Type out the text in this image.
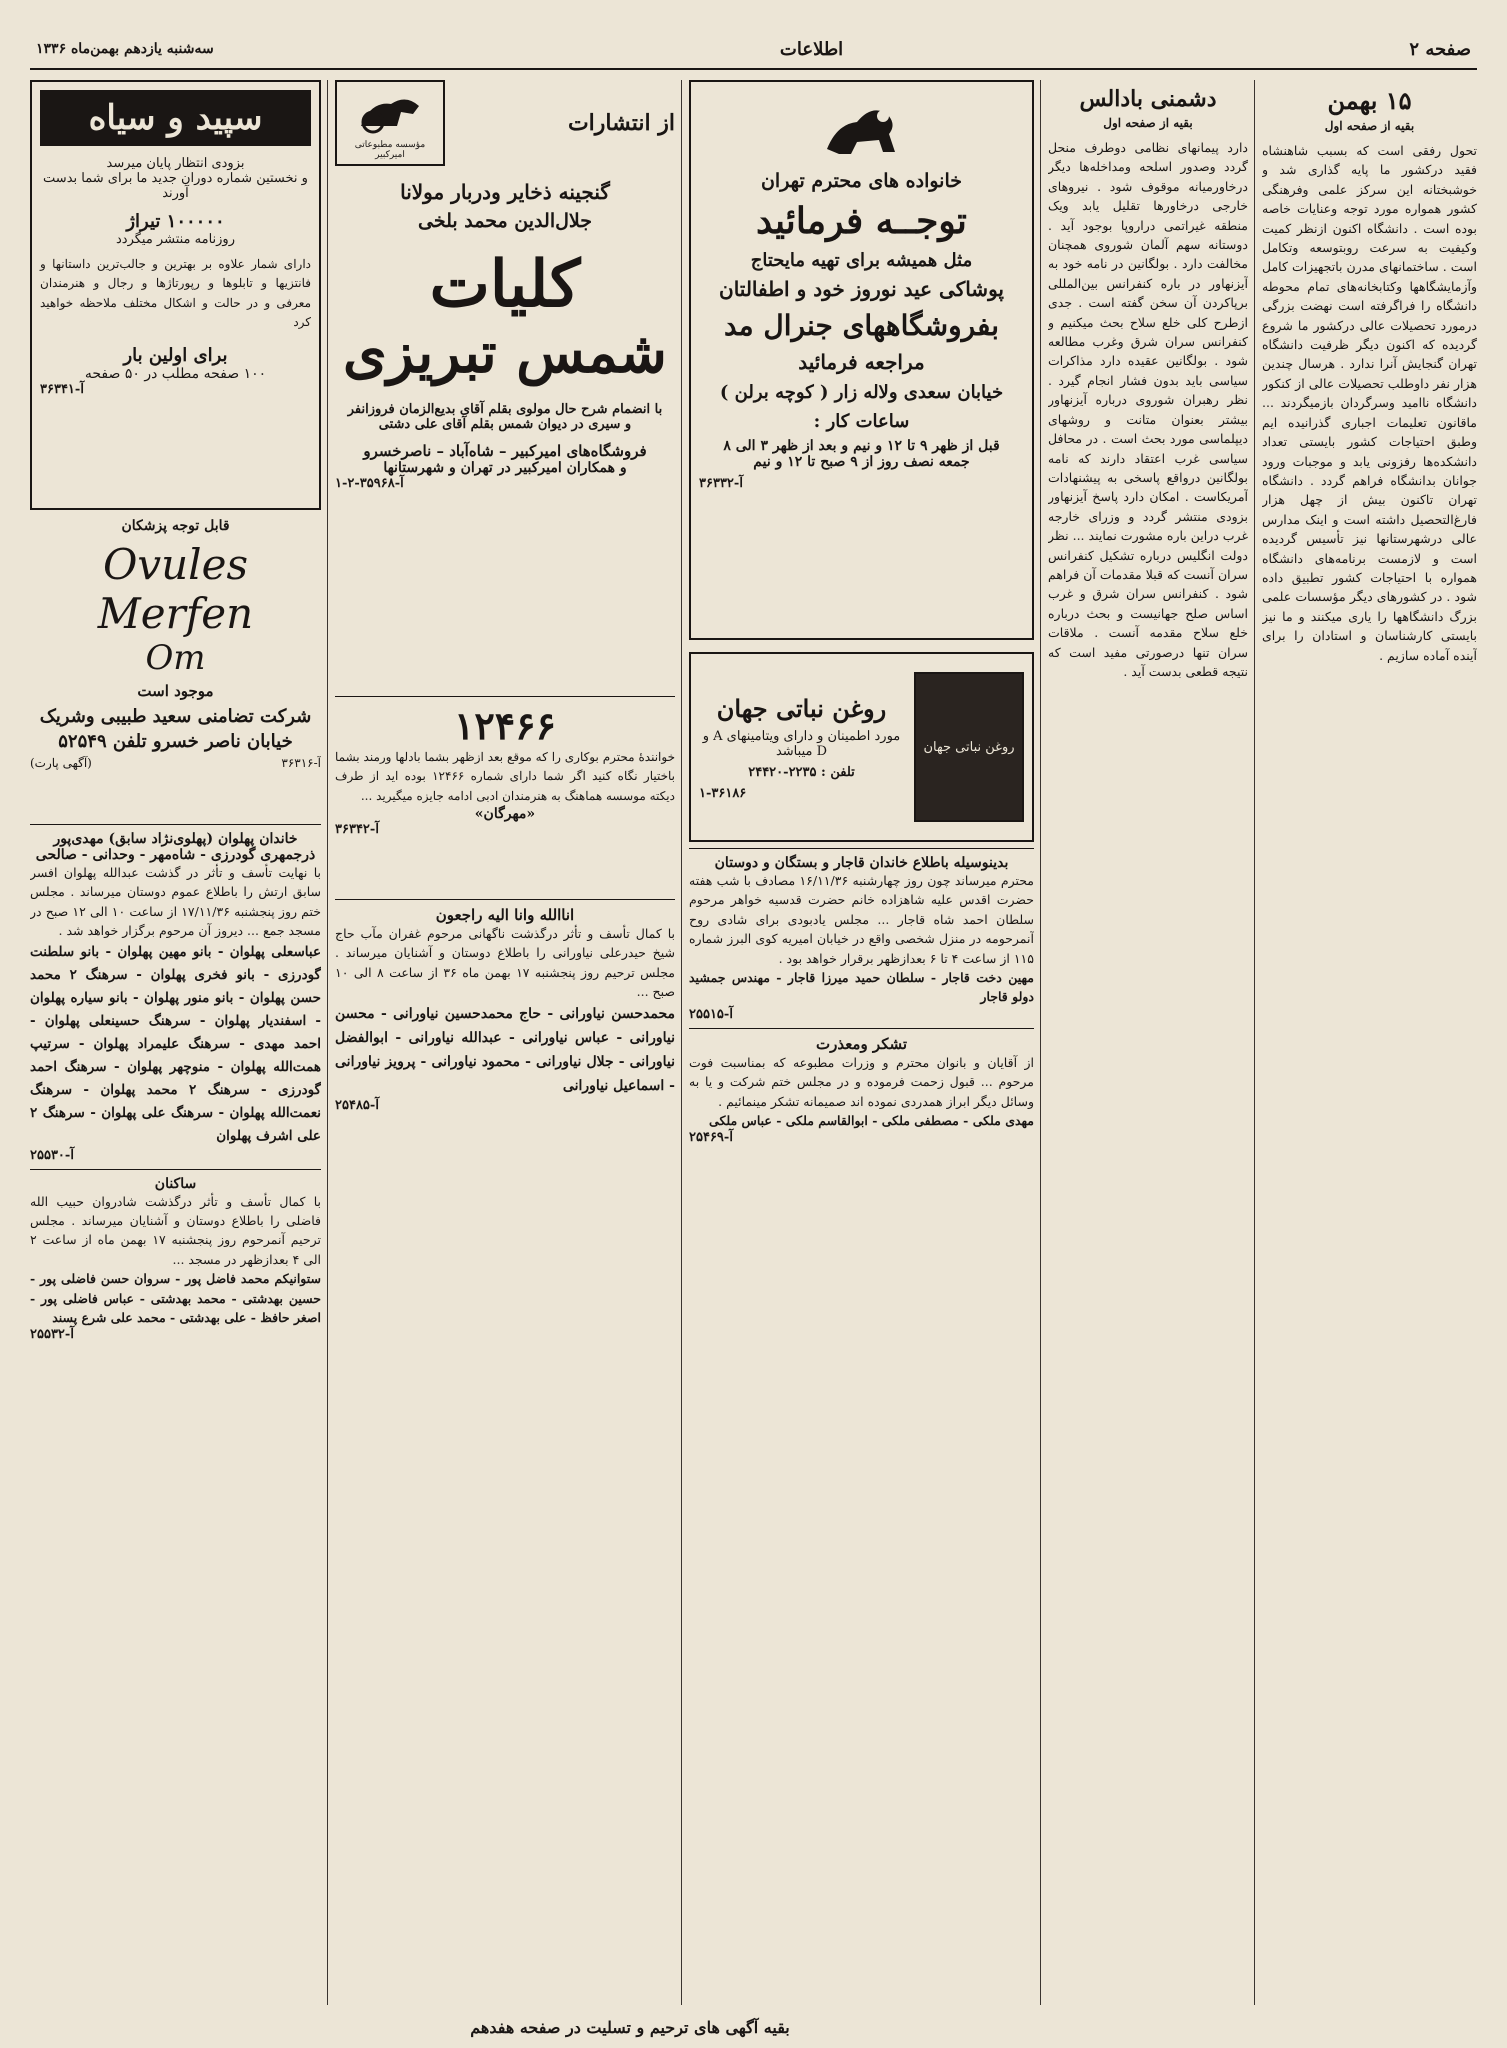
صفحه ۲
اطلاعات
سه‌شنبه یازدهم بهمن‌ماه ۱۳۳۶
۱۵ بهمن
بقیه از صفحه اول

تحول رفقی است که بسبب شاهنشاه فقید درکشور ما پایه گذاری شد و خوشبختانه این سرکز علمی وفرهنگی کشور همواره مورد توجه وعنایات خاصه بوده است . دانشگاه اکنون ازنظر کمیت وکیفیت به سرعت روبتوسعه وتکامل است . ساختمانهای مدرن باتجهیزات کامل وآزمایشگاهها وکتابخانه‌های تمام محوطه دانشگاه را فراگرفته است نهضت بزرگی درمورد تحصیلات عالی درکشور ما شروع گردیده که اکنون دیگر ظرفیت دانشگاه تهران گنجایش آنرا ندارد . هرسال چندین هزار نفر داوطلب تحصیلات عالی از کنکور دانشگاه ناامید وسرگردان بازمیگردند ... ماقانون تعلیمات اجباری گذرانیده ایم وطبق احتیاجات کشور بایستی تعداد دانشکده‌ها رفزونی یابد و موجبات ورود جوانان بدانشگاه فراهم گردد . دانشگاه تهران تاکنون بیش از چهل هزار فارغ‌التحصیل داشته است و اینک مدارس عالی درشهرستانها نیز تأسیس گردیده است و لازمست برنامه‌های دانشگاه همواره با احتیاجات کشور تطبیق داده شود . در کشورهای دیگر مؤسسات علمی بزرگ دانشگاهها را یاری میکنند و ما نیز بایستی کارشناسان و استادان را برای آینده آماده سازیم .

دشمنی بادالس
بقیه از صفحه اول

دارد پیمانهای نظامی دوطرف منحل گردد وصدور اسلحه ومداخله‌ها دیگر درخاورمیانه موقوف شود . نیروهای خارجی درخاورها تقلیل یابد ویک منطقه غیراتمی دراروپا بوجود آید . دوستانه سهم آلمان شوروی همچنان مخالفت دارد . بولگانین در نامه خود به آیزنهاور در باره کنفرانس بین‌المللی برپاکردن آن سخن گفته است . جدی ازطرح کلی خلع سلاح بحث میکنیم و کنفرانس سران شرق وغرب مطالعه شود . بولگانین عقیده دارد مذاکرات سیاسی باید بدون فشار انجام گیرد . نظر رهبران شوروی درباره آیزنهاور بیشتر بعنوان متانت و روشهای دیپلماسی مورد بحث است . در محافل سیاسی غرب اعتقاد دارند که نامه بولگانین درواقع پاسخی به پیشنهادات آمریکاست . امکان دارد پاسخ آیزنهاور بزودی منتشر گردد و وزرای خارجه غرب دراین باره مشورت نمایند ... نظر دولت انگلیس درباره تشکیل کنفرانس سران آنست که قبلا مقدمات آن فراهم شود . کنفرانس سران شرق و غرب اساس صلح جهانیست و بحث درباره خلع سلاح مقدمه آنست . ملاقات سران تنها درصورتی مفید است که نتیجه قطعی بدست آید .

خانواده های محترم تهران
توجــه فرمائید
مثل همیشه برای تهیه مایحتاج
پوشاکی عید نوروز خود و اطفالتان
بفروشگاههای جنرال مد
مراجعه فرمائید
خیابان سعدی ولاله زار ( کوچه برلن )
ساعات کار :
قبل از ظهر ۹ تا ۱۲ و نیم و بعد از ظهر ۳ الی ۸
جمعه نصف روز از ۹ صبح تا ۱۲ و نیم
آ-۳۶۳۳۲
روغن نباتی جهان
روغن نباتی جهان
مورد اطمینان و دارای ویتامینهای A و D میباشد
تلفن : ۲۲۳۵-۲۴۴۲۰
۱-۳۶۱۸۶
بدینوسیله باطلاع خاندان قاجار و بستگان و دوستان

محترم میرساند چون روز چهارشنبه ۱۶/۱۱/۳۶ مصادف با شب هفته حضرت اقدس علیه شاهزاده خانم حضرت قدسیه خواهر مرحوم سلطان احمد شاه قاجار ... مجلس یادبودی برای شادی روح آنمرحومه در منزل شخصی واقع در خیابان امیریه کوی البرز شماره ۱۱۵ از ساعت ۴ تا ۶ بعدازظهر برقرار خواهد بود .

مهین دخت قاجار - سلطان حمید میرزا قاجار - مهندس جمشید دولو قاجار

آ-۲۵۵۱۵
تشکر ومعذرت

از آقایان و بانوان محترم و وزرات مطبوعه که بمناسبت فوت مرحوم ... قبول زحمت فرموده و در مجلس ختم شرکت و یا به وسائل دیگر ابراز همدردی نموده اند صمیمانه تشکر مینمائیم .

مهدی ملکی - مصطفی ملکی - ابوالقاسم ملکی - عباس ملکی

آ-۲۵۴۶۹
از انتشارات
مؤسسه مطبوعاتی امیرکبیر
گنجینه ذخاير ودربار مولانا
جلال‌الدین محمد بلخی
کلیات
شمس تبریزی
با انضمام شرح حال مولوی بقلم آقای بدیع‌الزمان فروزانفر
و سیری در دیوان شمس بقلم آقای علی دشتی
فروشگاه‌های امیرکبیر – شاه‌آباد – ناصرخسرو
و همکاران امیرکبیر در تهران و شهرستانها
آ-۳۵۹۶۸-۲-۱
۱۲۴۶۶

خوانندهٔ محترم بوکاری‌ را که موقع بعد ازظهر بشما بادلها ورمند بشما باختیار نگاه کنید اگر شما دارای شماره ۱۲۴۶۶ بوده اید از طرف دیکته موسسه هماهنگ به هنرمندان ادبی ادامه جایزه میگیرید ...

«مهرگان»
آ-۳۶۳۴۲
اناالله وانا الیه راجعون

با کمال تأسف و تأثر درگذشت ناگهانی مرحوم غفران مآب حاج شیخ حیدرعلی نیاورانی را باطلاع دوستان و آشنایان میرساند . مجلس ترحیم روز پنجشنبه ۱۷ بهمن ماه ۳۶ از ساعت ۸ الی ۱۰ صبح ...

محمدحسن نیاورانی - حاج محمدحسین نیاورانی - محسن نیاورانی - عباس نیاورانی - عبدالله نیاورانی - ابوالفضل نیاورانی - جلال نیاورانی - محمود نیاورانی - پرویز نیاورانی - اسماعیل نیاورانی

آ-۲۵۴۸۵
سپید و سیاه
بزودی انتظار پایان میرسد
و نخستین شماره دوران جدید ما برای شما بدست آورند
۱۰۰۰۰۰ تیراژ
روزنامه منتشر میگردد

دارای شمار علاوه بر بهترین و جالب‌ترین داستانها و فانتزیها و تابلوها و رپورتاژها و رجال و هنرمندان معرفی و در حالت و اشکال مختلف ملاحظه خواهید کرد

برای اولین بار
۱۰۰ صفحه مطلب در ۵۰ صفحه
آ-۳۶۳۴۱
قابل توجه پزشکان
Ovules Merfen
Om
موجود است
شرکت تضامنی سعید طبیبی وشریک
خیابان ناصر خسرو تلفن ۵۲۵۴۹
آ-۳۶۳۱۶
(آگهی پارت)
خاندان پهلوان (پهلوی‌نژاد سابق) مهدی‌پور ذرجمهری گودرزی - شاه‌مهر - وحدانی - صالحی

با نهایت تأسف و تأثر در گذشت عبدالله پهلوان افسر سابق ارتش را باطلاع عموم دوستان میرساند . مجلس ختم روز پنجشنبه ۱۷/۱۱/۳۶ از ساعت ۱۰ الی ۱۲ صبح در مسجد جمع ... دیروز آن مرحوم برگزار خواهد شد .

عباسعلی پهلوان - بانو مهین پهلوان - بانو سلطنت گودرزی - بانو فخری پهلوان - سرهنگ ۲ محمد حسن پهلوان - بانو منور پهلوان - بانو سیاره پهلوان - اسفندیار پهلوان - سرهنگ حسینعلی پهلوان - احمد مهدی - سرهنگ علیمراد پهلوان - سرتیپ همت‌الله پهلوان - منوچهر پهلوان - سرهنگ احمد گودرزی - سرهنگ ۲ محمد پهلوان - سرهنگ نعمت‌الله پهلوان - سرهنگ علی پهلوان - سرهنگ ۲ علی اشرف پهلوان

آ-۲۵۵۳۰
ساکنان

با کمال تأسف و تأثر درگذشت شادروان حبیب الله فاضلی را باطلاع دوستان و آشنایان میرساند . مجلس ترحیم آنمرحوم روز پنجشنبه ۱۷ بهمن ماه از ساعت ۲ الی ۴ بعدازظهر در مسجد ...

ستوانیکم محمد فاضل پور - سروان حسن فاضلی پور - حسین بهدشتی - محمد بهدشتی - عباس فاضلی پور - اصغر حافظ - علی بهدشتی - محمد علی شرع پسند

آ-۲۵۵۳۲
بقیه آگهی های ترحیم و تسلیت در صفحه هفدهم
